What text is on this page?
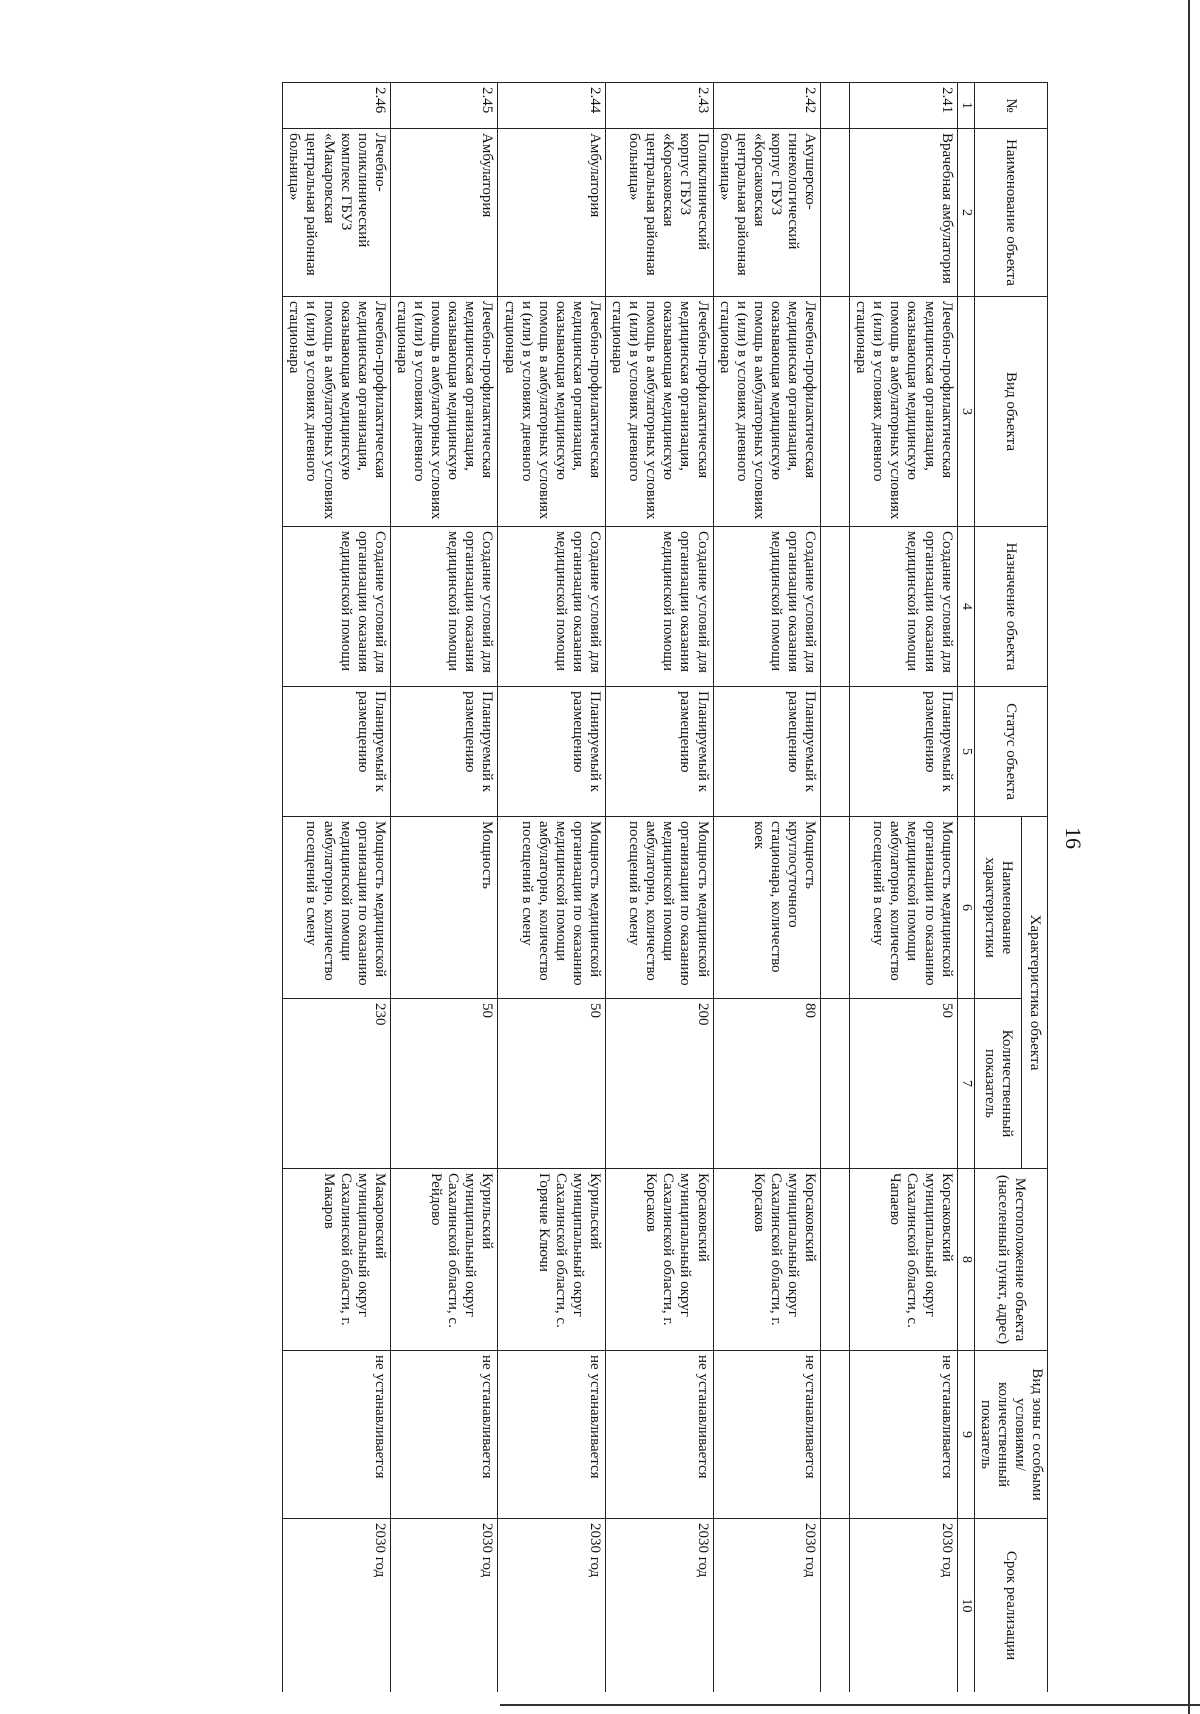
16
№	Наименование объекта	Вид объекта	Назначение объекта	Статус объекта	Характеристика объекта		Местоположение объекта (населенный пункт, адрес)	Вид зоны с особыми условиями/ количественный показатель	Срок реализации
					Наименование характеристики	Количественный показатель			
1	2	3	4	5	6	7	8	9	10
2.41	Врачебная амбулатория	Лечебно-профилактическая медицинская организация, оказывающая медицинскую помощь в амбулаторных условиях и (или) в условиях дневного стационара	Создание условий для организации оказания медицинской помощи	Планируемый к размещению	Мощность медицинской организации по оказанию медицинской помощи амбулаторно, количество посещений в смену	50	Корсаковский муниципальный округ Сахалинской области, с. Чапаево	не устанавливается	2030 год

2.42	Акушерско-гинекологический корпус ГБУЗ «Корсаковская центральная районная больница»	Лечебно-профилактическая медицинская организация, оказывающая медицинскую помощь в амбулаторных условиях и (или) в условиях дневного стационара	Создание условий для организации оказания медицинской помощи	Планируемый к размещению	Мощность круглосуточного стационара, количество коек	80	Корсаковский муниципальный округ Сахалинской области, г. Корсаков	не устанавливается	2030 год
2.43	Поликлинический корпус ГБУЗ «Корсаковская центральная районная больница»	Лечебно-профилактическая медицинская организация, оказывающая медицинскую помощь в амбулаторных условиях и (или) в условиях дневного стационара	Создание условий для организации оказания медицинской помощи	Планируемый к размещению	Мощность медицинской организации по оказанию медицинской помощи амбулаторно, количество посещений в смену	200	Корсаковский муниципальный округ Сахалинской области, г. Корсаков	не устанавливается	2030 год
2.44	Амбулатория	Лечебно-профилактическая медицинская организация, оказывающая медицинскую помощь в амбулаторных условиях и (или) в условиях дневного стационара	Создание условий для организации оказания медицинской помощи	Планируемый к размещению	Мощность медицинской организации по оказанию медицинской помощи амбулаторно, количество посещений в смену	50	Курильский муниципальный округ Сахалинской области, с. Горячие Ключи	не устанавливается	2030 год
2.45	Амбулатория	Лечебно-профилактическая медицинская организация, оказывающая медицинскую помощь в амбулаторных условиях и (или) в условиях дневного стационара	Создание условий для организации оказания медицинской помощи	Планируемый к размещению	Мощность	50	Курильский муниципальный округ Сахалинской области, с. Рейдово	не устанавливается	2030 год
2.46	Лечебно-поликлинический комплекс ГБУЗ «Макаровская центральная районная больница»	Лечебно-профилактическая медицинская организация, оказывающая медицинскую помощь в амбулаторных условиях и (или) в условиях дневного стационара	Создание условий для организации оказания медицинской помощи	Планируемый к размещению	Мощность медицинской организации по оказанию медицинской помощи амбулаторно, количество посещений в смену	230	Макаровский муниципальный округ Сахалинской области, г. Макаров	не устанавливается	2030 год
